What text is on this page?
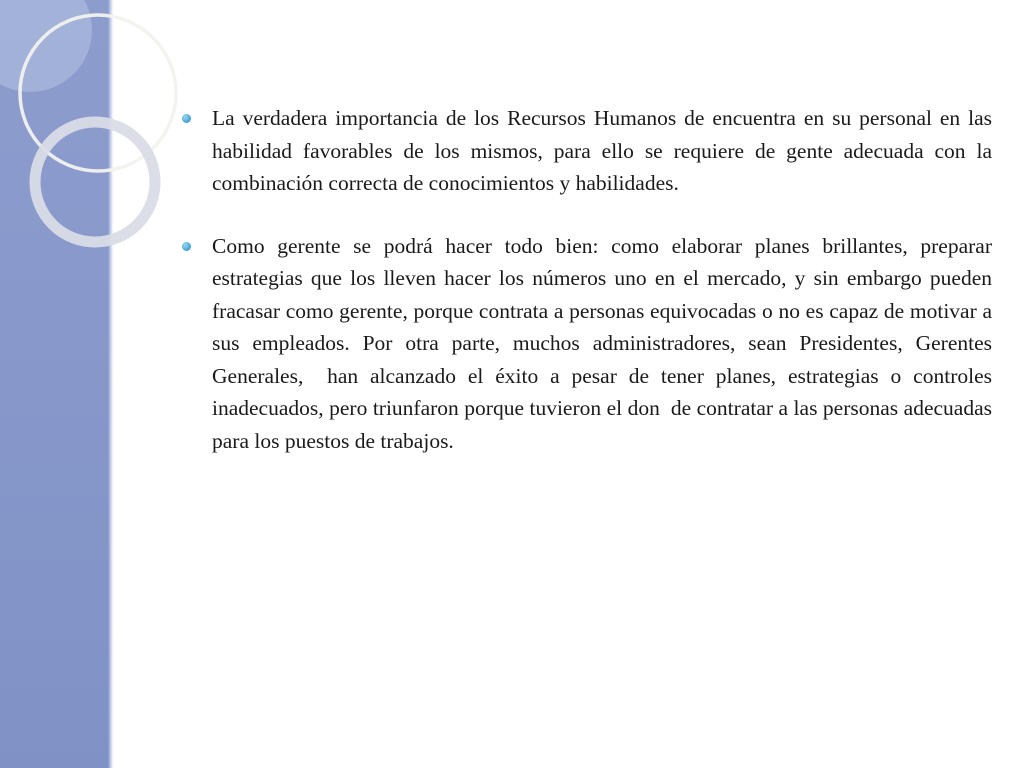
La verdadera importancia de los Recursos Humanos de encuentra en su personal en las habilidad favorables de los mismos, para ello se requiere de gente adecuada con la combinación correcta de conocimientos y habilidades.

Como gerente se podrá hacer todo bien: como elaborar planes brillantes, preparar estrategias que los lleven hacer los números uno en el mercado, y sin embargo pueden fracasar como gerente, porque contrata a personas equivocadas o no es capaz de motivar a sus empleados. Por otra parte, muchos administradores, sean Presidentes, Gerentes Generales,  han alcanzado el éxito a pesar de tener planes, estrategias o controles inadecuados, pero triunfaron porque tuvieron el don  de contratar a las personas adecuadas para los puestos de trabajos.
